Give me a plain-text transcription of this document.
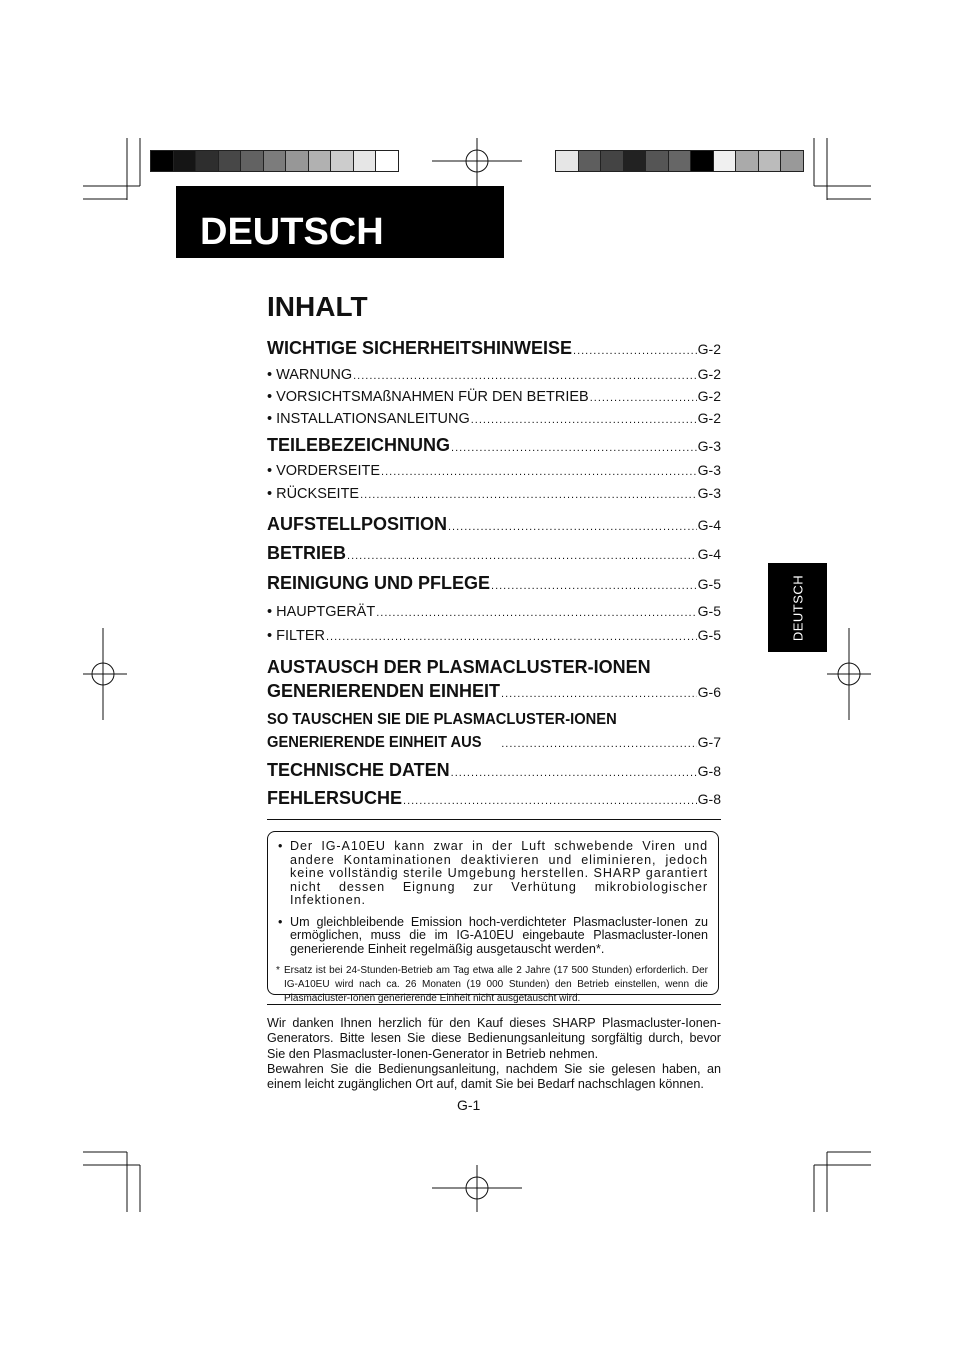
DEUTSCH
DEUTSCH
INHALT
WICHTIGE SICHERHEITSHINWEISE .....	G-2
• WARNUNG .....	G-2
• VORSICHTSMAßNAHMEN FÜR DEN BETRIEB .....	G-2
• INSTALLATIONSANLEITUNG .....	G-2
TEILEBEZEICHNUNG .....	G-3
• VORDERSEITE .....	G-3
• RÜCKSEITE .....	G-3
AUFSTELLPOSITION .....	G-4
BETRIEB .....	G-4
REINIGUNG UND PFLEGE .....	G-5
• HAUPTGERÄT .....	G-5
• FILTER .....	G-5
AUSTAUSCH DER PLASMACLUSTER-IONEN
GENERIERENDEN EINHEIT .....	G-6
SO TAUSCHEN SIE DIE PLASMACLUSTER-IONEN
GENERIERENDE EINHEIT AUS .....	G-7
TECHNISCHE DATEN .....	G-8
FEHLERSUCHE .....	G-8
• Der IG-A10EU kann zwar in der Luft schwebende Viren und andere Kontaminationen deaktivieren und eliminieren, jedoch keine vollständig sterile Umgebung herstellen. SHARP garantiert nicht dessen Eignung zur Verhütung mikrobiologischer Infektionen.
• Um gleichbleibende Emission hoch-verdichteter Plasmacluster-Ionen zu ermöglichen, muss die im IG-A10EU eingebaute Plasmacluster-Ionen generierende Einheit regelmäßig ausgetauscht werden*.
* Ersatz ist bei 24-Stunden-Betrieb am Tag etwa alle 2 Jahre (17 500 Stunden) erforderlich. Der IG-A10EU wird nach ca. 26 Monaten (19 000 Stunden) den Betrieb einstellen, wenn die Plasmacluster-Ionen generierende Einheit nicht ausgetauscht wird.

Wir danken Ihnen herzlich für den Kauf dieses SHARP Plasmacluster-Ionen-Generators. Bitte lesen Sie diese Bedienungsanleitung sorgfältig durch, bevor Sie den Plasmacluster-Ionen-Generator in Betrieb nehmen.

Bewahren Sie die Bedienungsanleitung, nachdem Sie sie gelesen haben, an einem leicht zugänglichen Ort auf, damit Sie bei Bedarf nachschlagen können.

G-1
